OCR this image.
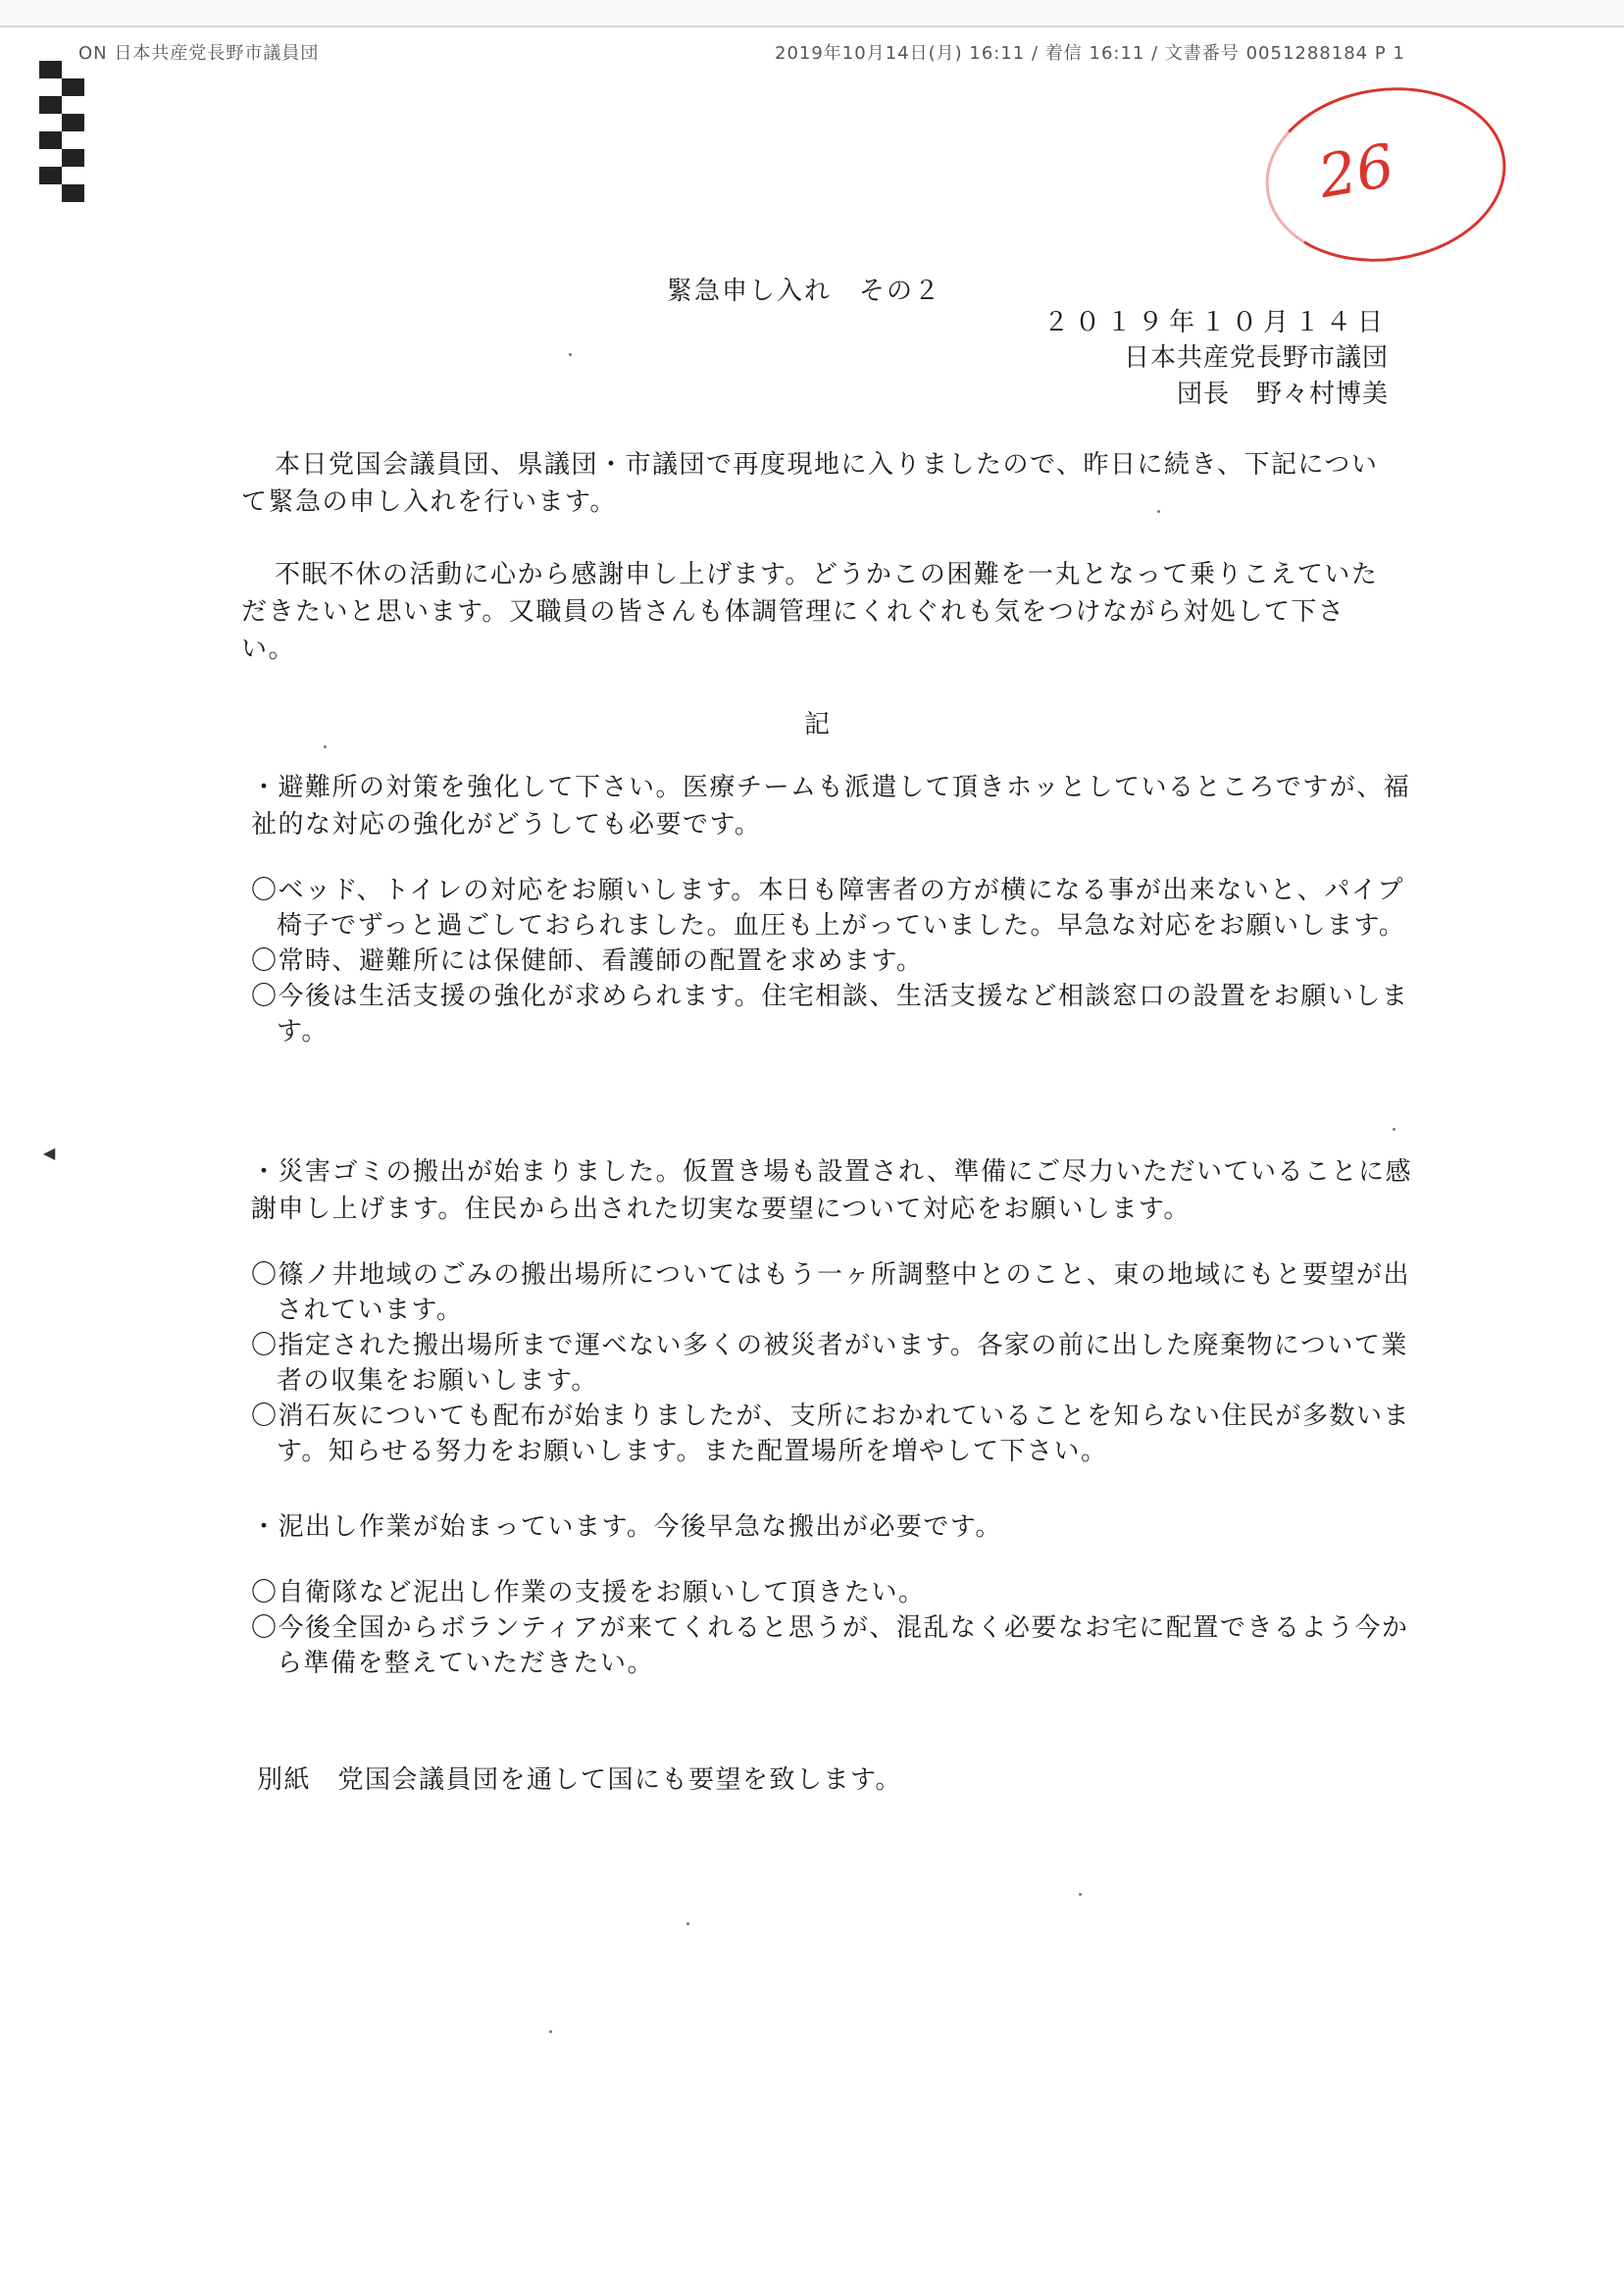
ON 日本共産党長野市議員団	2019年10月14日(月) 16:11 / 着信 16:11 / 文書番号 0051288184 P 1
26
◀
緊急申し入れ　その２
２０１９年１０月１４日
日本共産党長野市議団
団長　野々村博美
本日党国会議員団、県議団・市議団で再度現地に入りましたので、昨日に続き、下記について緊急の申し入れを行います。
不眠不休の活動に心から感謝申し上げます。どうかこの困難を一丸となって乗りこえていただきたいと思います。又職員の皆さんも体調管理にくれぐれも気をつけながら対処して下さい。
記
・避難所の対策を強化して下さい。医療チームも派遣して頂きホッとしているところですが、福祉的な対応の強化がどうしても必要です。
〇ベッド、トイレの対応をお願いします。本日も障害者の方が横になる事が出来ないと、パイプ椅子でずっと過ごしておられました。血圧も上がっていました。早急な対応をお願いします。
〇常時、避難所には保健師、看護師の配置を求めます。
〇今後は生活支援の強化が求められます。住宅相談、生活支援など相談窓口の設置をお願いします。
・災害ゴミの搬出が始まりました。仮置き場も設置され、準備にご尽力いただいていることに感謝申し上げます。住民から出された切実な要望について対応をお願いします。
〇篠ノ井地域のごみの搬出場所についてはもう一ヶ所調整中とのこと、東の地域にもと要望が出されています。
〇指定された搬出場所まで運べない多くの被災者がいます。各家の前に出した廃棄物について業者の収集をお願いします。
〇消石灰についても配布が始まりましたが、支所におかれていることを知らない住民が多数います。知らせる努力をお願いします。また配置場所を増やして下さい。
・泥出し作業が始まっています。今後早急な搬出が必要です。
〇自衛隊など泥出し作業の支援をお願いして頂きたい。
〇今後全国からボランティアが来てくれると思うが、混乱なく必要なお宅に配置できるよう今から準備を整えていただきたい。
別紙　党国会議員団を通して国にも要望を致します。
